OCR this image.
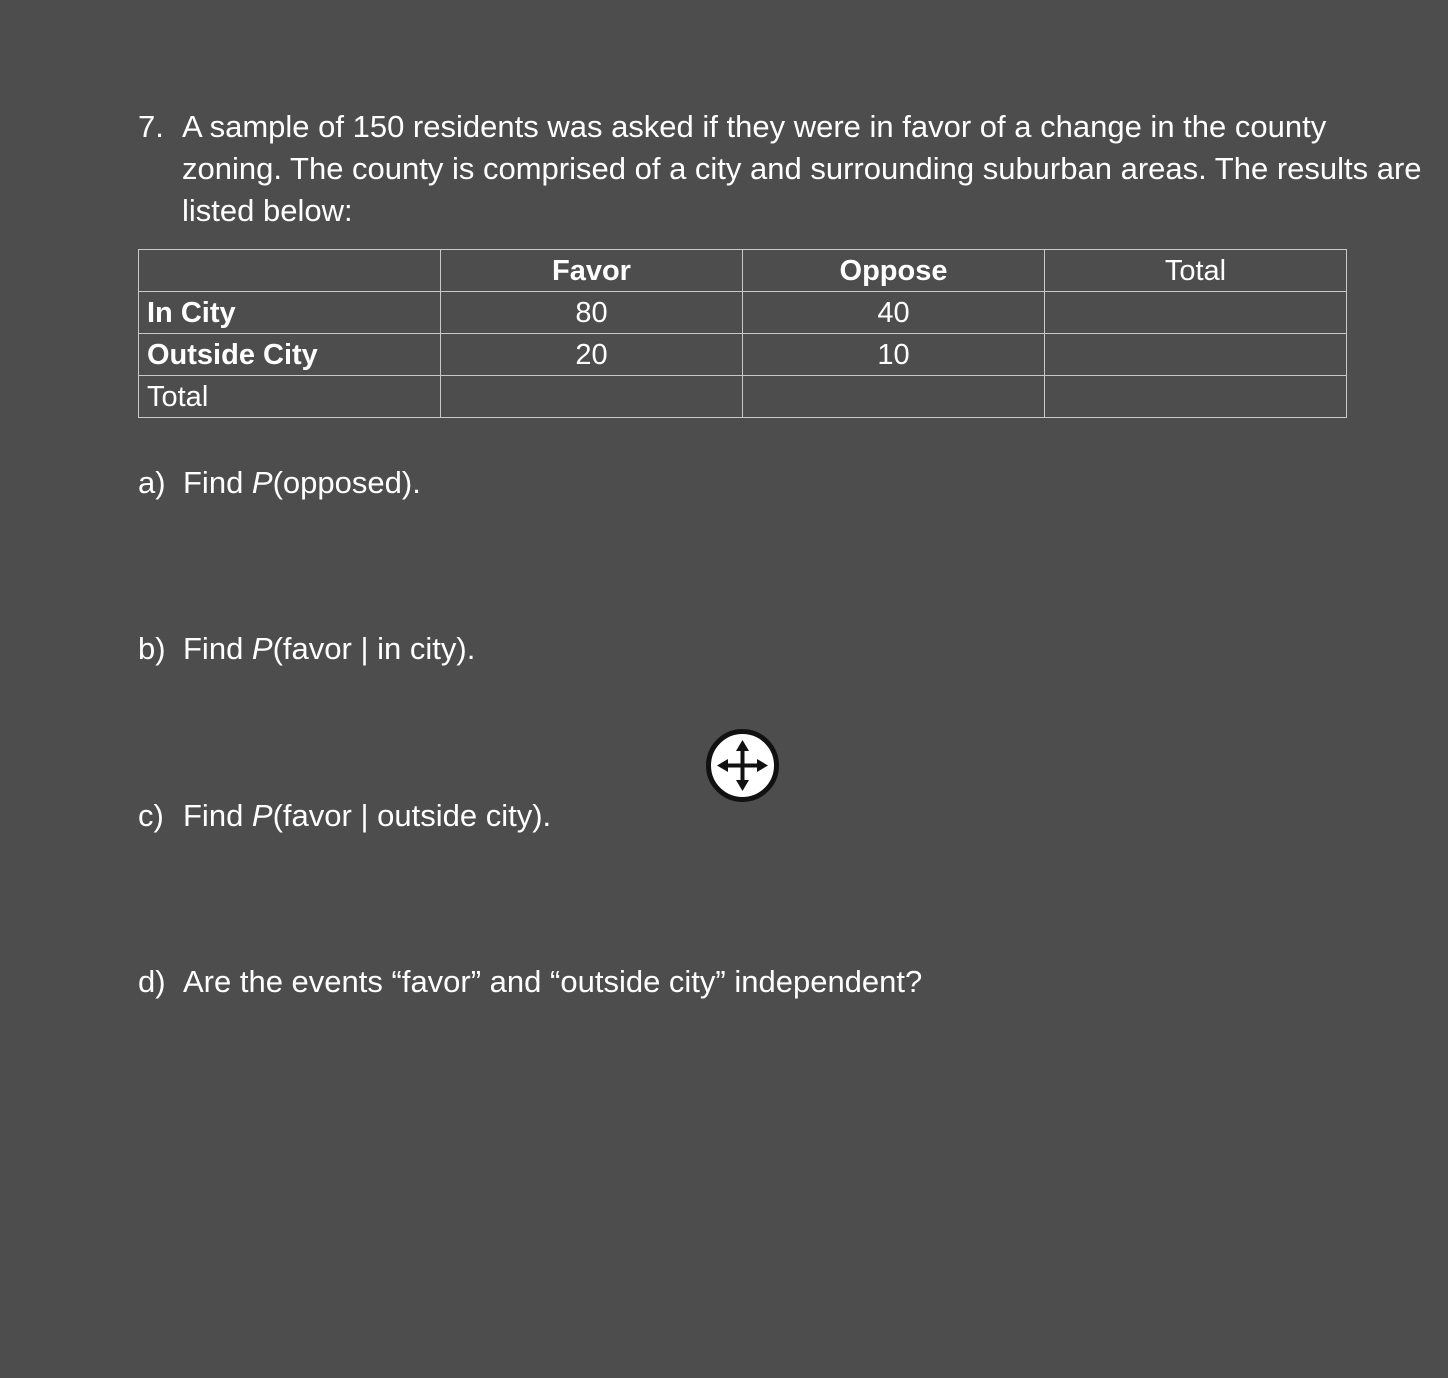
7. A sample of 150 residents was asked if they were in favor of a change in the county zoning. The county is comprised of a city and surrounding suburban areas. The results are listed below:
	Favor	Oppose	Total
In City	80	40	
Outside City	20	10	
Total			
a) Find P (opposed).
b) Find P (favor | in city).
c) Find P (favor | outside city).
d) Are the events “favor” and “outside city” independent?
